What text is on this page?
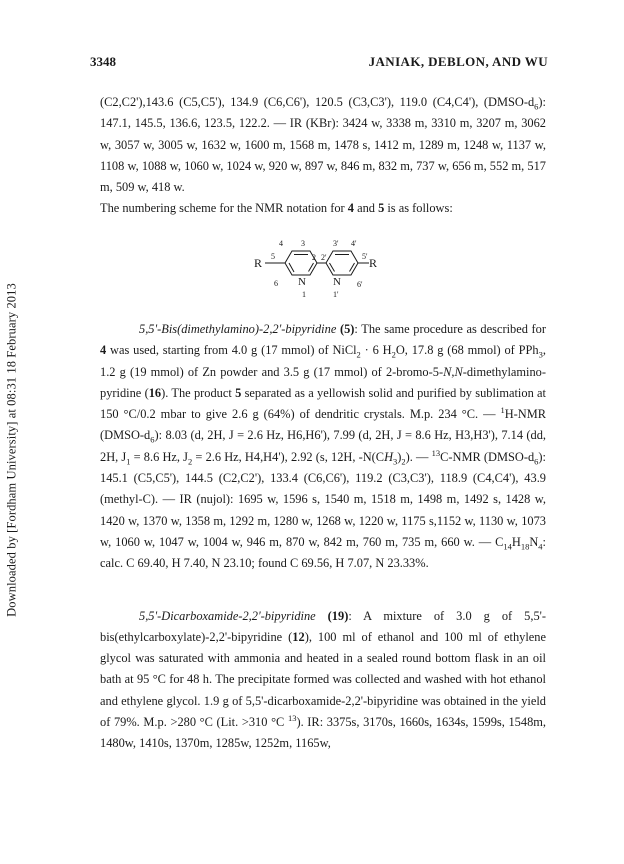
Downloaded by [Fordham University] at 08:31 18 February 2013
3348	JANIAK, DEBLON, AND WU

(C2,C2'),143.6 (C5,C5'), 134.9 (C6,C6'), 120.5 (C3,C3'), 119.0 (C4,C4'), $(DMSO-d_6)$: 147.1, 145.5, 136.6, 123.5, 122.2. — IR (KBr): 3424 w, 3338 m, 3310 m, 3207 m, 3062 w, 3057 w, 3005 w, 1632 w, 1600 m, 1568 m, 1478 s, 1412 m, 1289 m, 1248 w, 1137 w, 1108 w, 1088 w, 1060 w, 1024 w, 920 w, 897 w, 846 m, 832 m, 737 w, 656 m, 552 m, 517 m, 509 w, 418 w.

The numbering scheme for the NMR notation for 4 and 5 is as follows:

4 3	3' 4'
5	2 2'	5'
6	6'
1	1'
R	R
N N

5,5'-Bis(dimethylamino)-2,2'-bipyridine (5): The same procedure as described for 4 was used, starting from 4.0 g (17 mmol) of NiCl$_2$ · 6 $H_2O$, 17.8 g (68 mmol) of PPh$_3$, 1.2 g (19 mmol) of Zn powder and 3.5 g (17 mmol) of 2-bromo-5-N,N-dimethylamino-pyridine (16). The product 5 separated as a yellowish solid and purified by sublimation at 150 °C/0.2 mbar to give 2.6 g (64%) of dendritic crystals. M.p. 234 °C. — $^1$H-NMR $(DMSO-d_6)$: 8.03 (d, 2H, J = 2.6 Hz, H6,H6'), 7.99 (d, 2H, J = 8.6 Hz, H3,H3'), 7.14 (dd, 2H, $J_1 = 8.6$ Hz, $J_2 = 2.6$ Hz, H4,H4'), 2.92 (s, 12H, $-N(CH_3)_2$). — $^{13}$C-NMR $(DMSO-d_6)$: 145.1 (C5,C5'), 144.5 (C2,C2'), 133.4 (C6,C6'), 119.2 (C3,C3'), 118.9 (C4,C4'), 43.9 (methyl-C). — IR (nujol): 1695 w, 1596 s, 1540 m, 1518 m, 1498 m, 1492 s, 1428 w, 1420 w, 1370 w, 1358 m, 1292 m, 1280 w, 1268 w, 1220 w, 1175 s,1152 w, 1130 w, 1073 w, 1060 w, 1047 w, 1004 w, 946 m, 870 w, 842 m, 760 m, 735 m, 660 w. — $C_{14}H_{18}N_4$: calc. C 69.40, H 7.40, N 23.10; found C 69.56, H 7.07, N 23.33%.

5,5'-Dicarboxamide-2,2'-bipyridine (19): A mixture of 3.0 g of 5,5'-bis(ethylcarboxylate)-2,2'-bipyridine (12), 100 ml of ethanol and 100 ml of ethylene glycol was saturated with ammonia and heated in a sealed round bottom flask in an oil bath at 95 °C for 48 h. The precipitate formed was collected and washed with hot ethanol and ethylene glycol. 1.9 g of 5,5'-dicarboxamide-2,2'-bipyridine was obtained in the yield of 79%. M.p. >280 °C (Lit. >310 °C $^{13}$). IR: 3375s, 3170s, 1660s, 1634s, 1599s, 1548m, 1480w, 1410s, 1370m, 1285w, 1252m, 1165w,
